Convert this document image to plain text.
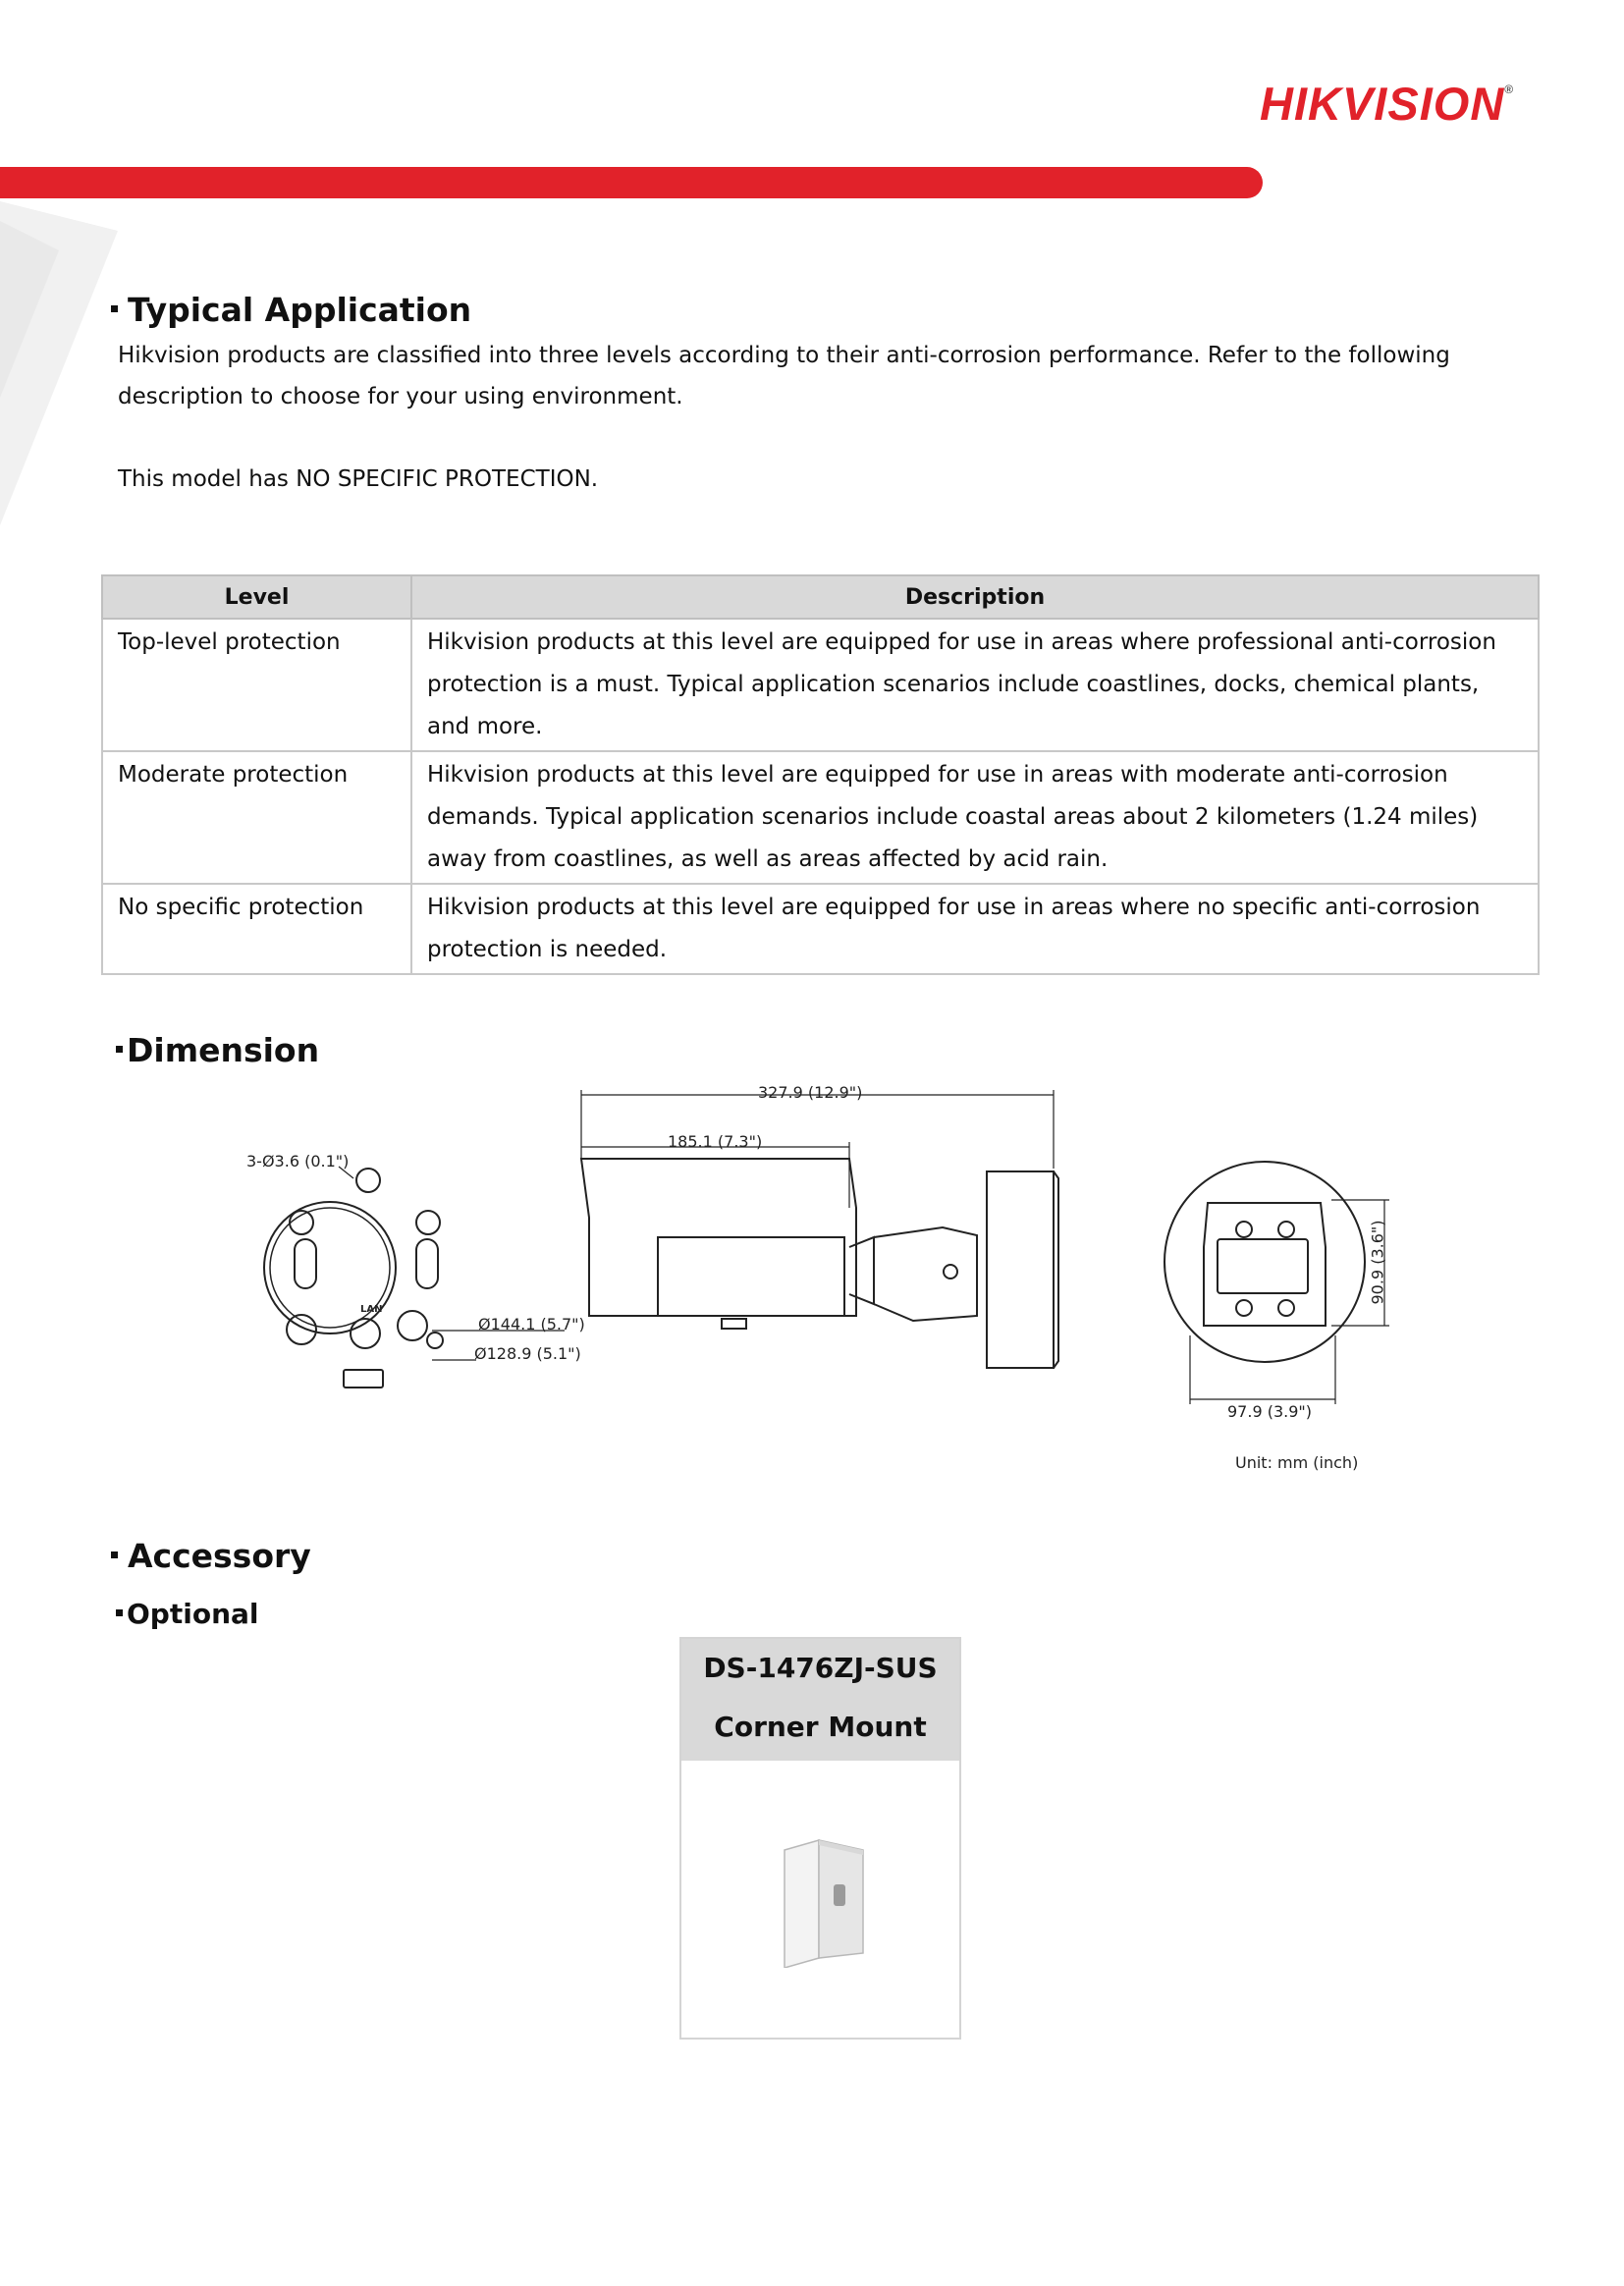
HIKVISION®
Typical Application
Hikvision products are classified into three levels according to their anti-corrosion performance. Refer to the following description to choose for your using environment.
This model has NO SPECIFIC PROTECTION.
Level	Description
Top-level protection	Hikvision products at this level are equipped for use in areas where professional anti-corrosion protection is a must. Typical application scenarios include coastlines, docks, chemical plants, and more.
Moderate protection	Hikvision products at this level are equipped for use in areas with moderate anti-corrosion demands. Typical application scenarios include coastal areas about 2 kilometers (1.24 miles) away from coastlines, as well as areas affected by acid rain.
No specific protection	Hikvision products at this level are equipped for use in areas where no specific anti-corrosion protection is needed.
Dimension
327.9 (12.9")
185.1 (7.3")
3-Ø3.6 (0.1")
LAN
Ø144.1 (5.7")
Ø128.9 (5.1")
90.9 (3.6")
97.9 (3.9")
Unit: mm (inch)
Accessory
Optional
DS-1476ZJ-SUS
Corner Mount
